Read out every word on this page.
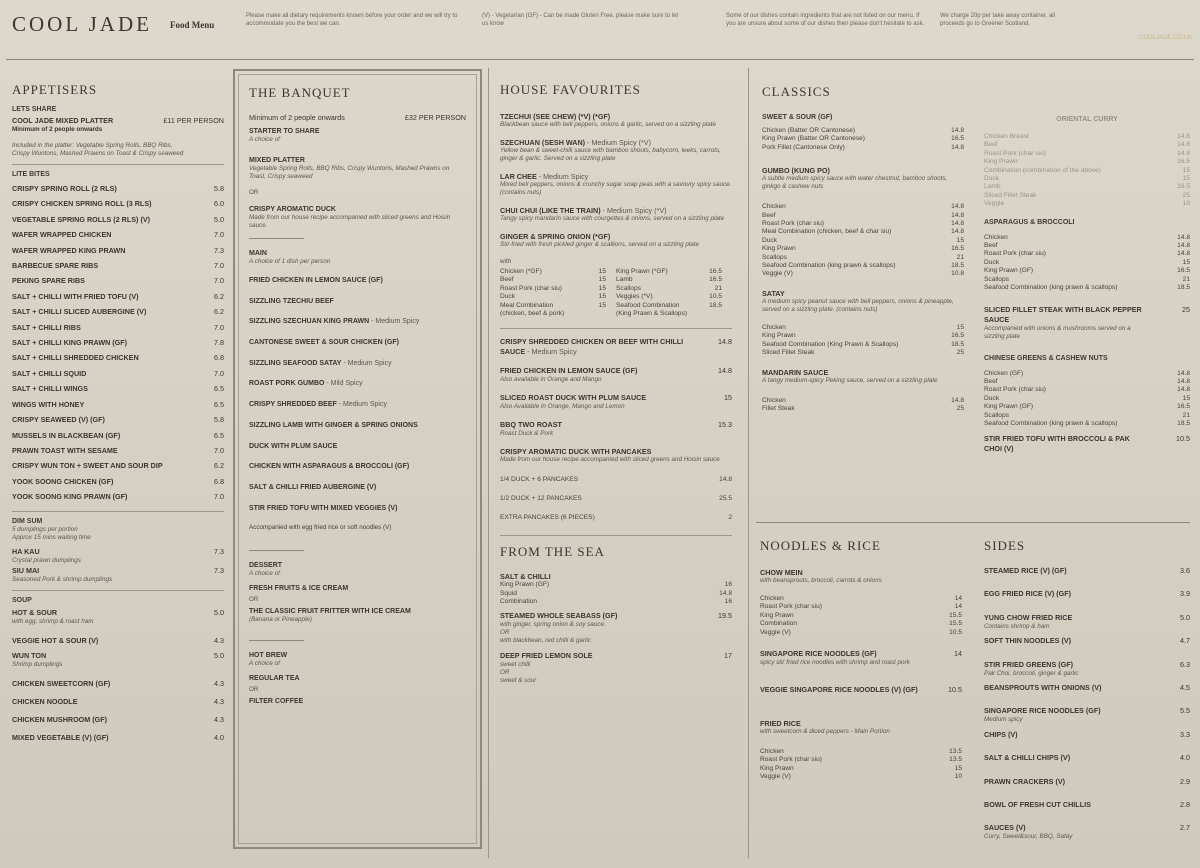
COOL JADE Food Menu
Please make all dietary requirements known before your order and we will try to accommodate you the best we can.
(V) - Vegetarian (GF) - Can be made Gluten Free, please make sure to let us know
Some of our dishes contain ingredients that are not listed on our menu. If you are unsure about some of our dishes then please don't hesitate to ask.
We charge 20p per take away container, all proceeds go to Greener Scotland.
COOLJADE.CO.UK
APPETISERS
LETS SHARE
COOL JADE MIXED PLATTER	£11 PER PERSON
Minimum of 2 people onwards
Included in the platter: Vegetable Spring Rolls, BBQ Ribs, Crispy Wuntons, Mashed Prawns on Toast & Crispy seaweed
LITE BITES
CRISPY SPRING ROLL (2 RLS)	5.8
CRISPY CHICKEN SPRING ROLL (3 RLS)	6.0
VEGETABLE SPRING ROLLS (2 RLS) (V)	5.0
WAFER WRAPPED CHICKEN	7.0
WAFER WRAPPED KING PRAWN	7.3
BARBECUE SPARE RIBS	7.0
PEKING SPARE RIBS	7.0
SALT + CHILLI WITH FRIED TOFU (V)	6.2
SALT + CHILLI SLICED AUBERGINE (V)	6.2
SALT + CHILLI RIBS	7.0
SALT + CHILLI KING PRAWN (GF)	7.8
SALT + CHILLI SHREDDED CHICKEN	6.8
SALT + CHILLI SQUID	7.0
SALT + CHILLI WINGS	6.5
WINGS WITH HONEY	6.5
CRISPY SEAWEED (V) (GF)	5.8
MUSSELS IN BLACKBEAN (GF)	6.5
PRAWN TOAST WITH SESAME	7.0
CRISPY WUN TON + SWEET AND SOUR DIP	6.2
YOOK SOONG CHICKEN (GF)	6.8
YOOK SOONG KING PRAWN (GF)	7.0
DIM SUM
5 dumplings per portion
Approx 15 mins waiting time
HA KAU	7.3
Crystal prawn dumplings
SIU MAI	7.3
Seasoned Pork & shrimp dumplings
SOUP
HOT & SOUR	5.0
with egg, shrimp & roast ham
VEGGIE HOT & SOUR (V)	4.3
WUN TON	5.0
Shrimp dumplings
CHICKEN SWEETCORN (GF)	4.3
CHICKEN NOODLE	4.3
CHICKEN MUSHROOM (GF)	4.3
MIXED VEGETABLE (V) (GF)	4.0
THE BANQUET
Minimum of 2 people onwards	£32 PER PERSON
STARTER TO SHARE
A choice of
MIXED PLATTER
Vegetable Spring Rolls, BBQ Ribs, Crispy Wuntons, Mashed Prawns on Toast, Crispy seaweed
OR
CRISPY AROMATIC DUCK
Made from our house recipe accompanied with sliced greens and Hoisin sauce.
MAIN
A choice of 1 dish per person
FRIED CHICKEN IN LEMON SAUCE (GF)
SIZZLING TZECHIU BEEF
SIZZLING SZECHUAN KING PRAWN - Medium Spicy
CANTONESE SWEET & SOUR CHICKEN (GF)
SIZZLING SEAFOOD SATAY - Medium Spicy
ROAST PORK GUMBO - Mild Spicy
CRISPY SHREDDED BEEF - Medium Spicy
SIZZLING LAMB WITH GINGER & SPRING ONIONS
DUCK WITH PLUM SAUCE
CHICKEN WITH ASPARAGUS & BROCCOLI (GF)
SALT & CHILLI FRIED AUBERGINE (V)
STIR FRIED TOFU WITH MIXED VEGGIES (V)
Accompanied with egg fried rice or soft noodles (V)
DESSERT
A choice of
FRESH FRUITS & ICE CREAM
OR
THE CLASSIC FRUIT FRITTER WITH ICE CREAM
(Banana or Pineapple)
HOT BREW
A choice of
REGULAR TEA
OR
FILTER COFFEE
HOUSE FAVOURITES
TZECHUI (SEE CHEW) (*V) (*GF)
Blackbean sauce with bell peppers, onions & garlic, served on a sizzling plate
SZECHUAN (SESH WAN) - Medium Spicy (*V)
Yellow bean & sweet-chilli sauce with bamboo shoots, babycorn, leeks, carrots, ginger & garlic. Served on a sizzling plate
LAR CHEE - Medium Spicy
Mixed bell peppers, onions & crunchy sugar snap peas with a savoury spicy sauce. (contains nuts)
CHUI CHUI (LIKE THE TRAIN) - Medium Spicy (*V)
Tangy spicy mandarin sauce with courgettes & onions, served on a sizzling plate
GINGER & SPRING ONION (*GF)
Stir-fried with fresh pickled ginger & scallions, served on a sizzling plate
with
Chicken (*GF)	15
Beef	15
Roast Pork (char siu)	15
Duck	15
Meal Combination	15
(chicken, beef & pork)
King Prawn (*GF)	16.5
Lamb	16.5
Scallops	21
Veggies (*V)	10.5
Seafood Combination	18.5
(King Prawn & Scallops)
CRISPY SHREDDED CHICKEN OR BEEF WITH CHILLI SAUCE - Medium Spicy
14.8
FRIED CHICKEN IN LEMON SAUCE (GF)	14.8
Also available in Orange and Mango
SLICED ROAST DUCK WITH PLUM SAUCE	15
Also Available in Orange, Mango and Lemon
BBQ TWO ROAST	15.3
Roast Duck & Pork
CRISPY AROMATIC DUCK WITH PANCAKES
Made from our house recipe accompanied with sliced greens and Hoisin sauce
1/4 DUCK + 6 PANCAKES	14.8
1/2 DUCK + 12 PANCAKES	25.5
EXTRA PANCAKES (6 PIECES)	2
FROM THE SEA
SALT & CHILLI
King Prawn (GF)	16
Squid	14.8
Combination	16
STEAMED WHOLE SEABASS (GF)	19.5
with ginger, spring onion & soy sauce.
OR
with blackbean, red chilli & garlic
DEEP FRIED LEMON SOLE	17
sweet chilli
OR
sweet & sour
CLASSICS
SWEET & SOUR (GF)
Chicken (Batter OR Cantonese)	14.8
King Prawn (Batter OR Cantonese)	16.5
Pork Fillet (Cantonese Only)	14.8
GUMBO (KUNG PO)
A subtle medium spicy sauce with water chestnut, bamboo shoots, ginkgo & cashew nuts
Chicken	14.8
Beef	14.8
Roast Pork (char siu)	14.8
Meal Combination (chicken, beef & char siu)	14.8
Duck	15
King Prawn	16.5
Scallops	21
Seafood Combination (king prawn & scallops)	18.5
Veggie (V)	10.8
SATAY
A medium spicy peanut sauce with bell peppers, onions & pineapple, served on a sizzling plate. (contains nuts)
Chicken	15
King Prawn	16.5
Seafood Combination (King Prawn & Scallops)	18.5
Sliced Fillet Steak	25
MANDARIN SAUCE
A tangy medium-spicy Peking sauce, served on a sizzling plate
Chicken	14.8
Fillet Steak	25
ORIENTAL CURRY
Chicken Breast	14.8
Beef	14.8
Roast Pork (char siu)	14.8
King Prawn	16.5
Combination (combination of the above)	15
Duck	15
Lamb	16.5
Sliced Fillet Steak	25
Veggie	10
ASPARAGUS & BROCCOLI
Chicken	14.8
Beef	14.8
Roast Pork (char siu)	14.8
Duck	15
King Prawn (GF)	16.5
Scallops	21
Seafood Combination (king prawn & scallops)	18.5
SLICED FILLET STEAK WITH BLACK PEPPER SAUCE
25
Accompanied with onions & mushrooms served on a sizzling plate
CHINESE GREENS & CASHEW NUTS
Chicken (GF)	14.8
Beef	14.8
Roast Pork (char siu)	14.8
Duck	15
King Prawn (GF)	16.5
Scallops	21
Seafood Combination (king prawn & scallops)	18.5
STIR FRIED TOFU WITH BROCCOLI & PAK CHOI (V)
10.5
NOODLES & RICE
CHOW MEIN
with beansprouts, broccoli, carrots & onions
Chicken	14
Roast Pork (char siu)	14
King Prawn	15.5
Combination	15.5
Veggie (V)	10.5
SINGAPORE RICE NOODLES (GF)	14
spicy stir fried rice noodles with shrimp and roast pork
VEGGIE SINGAPORE RICE NOODLES (V) (GF)	10.5
FRIED RICE
with sweetcorn & diced peppers - Main Portion
Chicken	13.5
Roast Pork (char siu)	13.5
King Prawn	15
Veggie (V)	10
SIDES
STEAMED RICE (V) (GF)	3.6
EGG FRIED RICE (V) (GF)	3.9
YUNG CHOW FRIED RICE	5.0
Contains shrimp & ham
SOFT THIN NOODLES (V)	4.7
STIR FRIED GREENS (GF)	6.3
Pak Choi, broccoli, ginger & garlic
BEANSPROUTS WITH ONIONS (V)	4.5
SINGAPORE RICE NOODLES (GF)	5.5
Medium spicy
CHIPS (V)	3.3
SALT & CHILLI CHIPS (V)	4.0
PRAWN CRACKERS (V)	2.9
BOWL OF FRESH CUT CHILLIS	2.8
SAUCES (V)	2.7
Curry, Sweet&sour, BBQ, Satay
